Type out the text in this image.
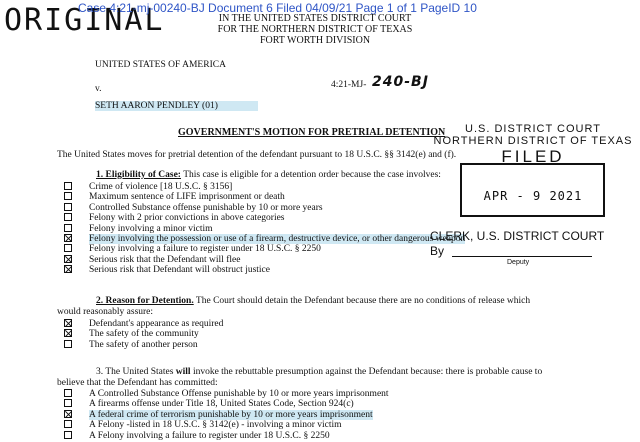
ORIGINAL
Case 4:21-mj-00240-BJ Document 6 Filed 04/09/21 Page 1 of 1 PageID 10
IN THE UNITED STATES DISTRICT COURT
FOR THE NORTHERN DISTRICT OF TEXAS
FORT WORTH DIVISION
UNITED STATES OF AMERICA
v.
SETH AARON PENDLEY (01)
4:21-MJ- 240-BJ
GOVERNMENT'S MOTION FOR PRETRIAL DETENTION
The United States moves for pretrial detention of the defendant pursuant to 18 U.S.C. §§ 3142(e) and (f).
1. Eligibility of Case: This case is eligible for a detention order because the case involves:
Crime of violence [18 U.S.C. § 3156]
Maximum sentence of LIFE imprisonment or death
Controlled Substance offense punishable by 10 or more years
Felony with 2 prior convictions in above categories
Felony involving a minor victim
Felony involving the possession or use of a firearm, destructive device, or other dangerous weapon
Felony involving a failure to register under 18 U.S.C. § 2250
Serious risk that the Defendant will flee
Serious risk that Defendant will obstruct justice
2. Reason for Detention. The Court should detain the Defendant because there are no conditions of release which
would reasonably assure:
Defendant's appearance as required
The safety of the community
The safety of another person
3. The United States will invoke the rebuttable presumption against the Defendant because: there is probable cause to
believe that the Defendant has committed:
A Controlled Substance Offense punishable by 10 or more years imprisonment
A firearms offense under Title 18, United States Code, Section 924(c)
A federal crime of terrorism punishable by 10 or more years imprisonment
A Felony -listed in 18 U.S.C. § 3142(e) - involving a minor victim
A Felony involving a failure to register under 18 U.S.C. § 2250
U.S. DISTRICT COURT
NORTHERN DISTRICT OF TEXAS
FILED
APR - 9 2021
CLERK, U.S. DISTRICT COURT
By
Deputy
